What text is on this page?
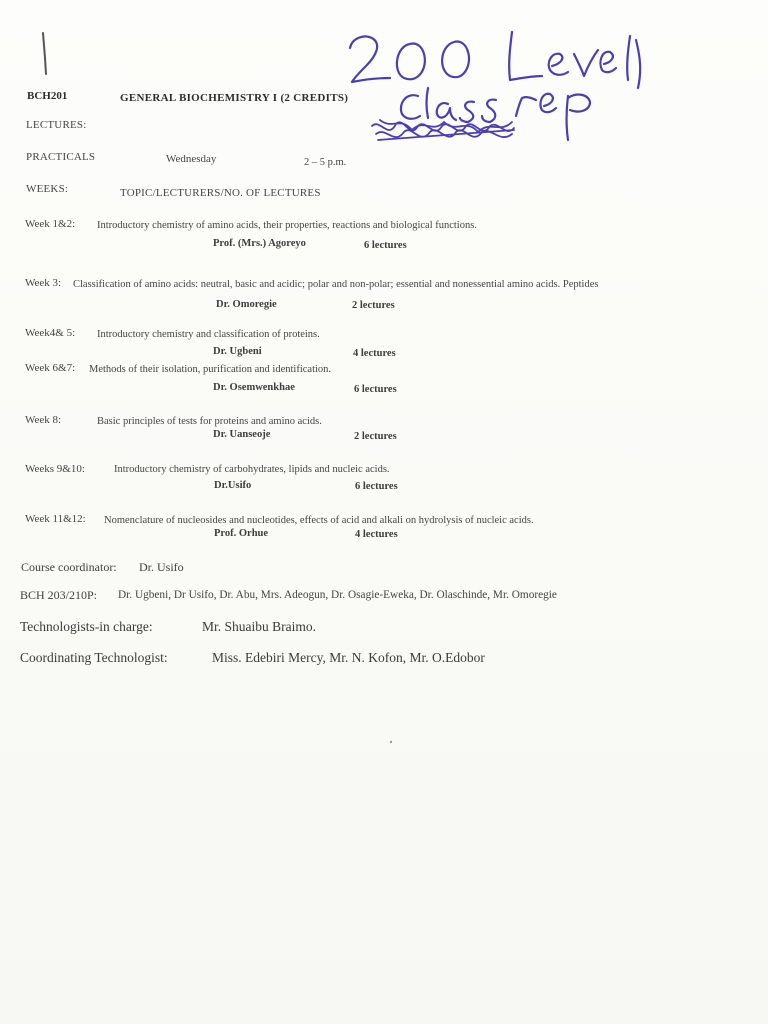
BCH201	GENERAL BIOCHEMISTRY I (2 CREDITS)
LECTURES:
PRACTICALS	Wednesday	2 – 5 p.m.
WEEKS:	TOPIC/LECTURERS/NO. OF LECTURES
Week 1&2: Introductory chemistry of amino acids, their properties, reactions and biological functions.
Prof. (Mrs.) Agoreyo	6 lectures
Week 3: Classification of amino acids: neutral, basic and acidic; polar and non-polar; essential and nonessential amino acids. Peptides
Dr. Omoregie	2 lectures
Week4& 5: Introductory chemistry and classification of proteins.
Dr. Ugbeni	4 lectures
Week 6&7: Methods of their isolation, purification and identification.
Dr. Osemwenkhae	6 lectures
Week 8:	Basic principles of tests for proteins and amino acids.
Dr. Uanseoje	2 lectures
Weeks 9&10:	Introductory chemistry of carbohydrates, lipids and nucleic acids.
Dr.Usifo	6 lectures
Week 11&12: Nomenclature of nucleosides and nucleotides, effects of acid and alkali on hydrolysis of nucleic acids.
Prof. Orhue	4 lectures
Course coordinator: Dr. Usifo
BCH 203/210P: Dr. Ugbeni, Dr Usifo, Dr. Abu, Mrs. Adeogun, Dr. Osagie-Eweka, Dr. Olaschinde, Mr. Omoregie
Technologists-in charge:	Mr. Shuaibu Braimo.
Coordinating Technologist:	Miss. Edebiri Mercy, Mr. N. Kofon, Mr. O.Edobor
